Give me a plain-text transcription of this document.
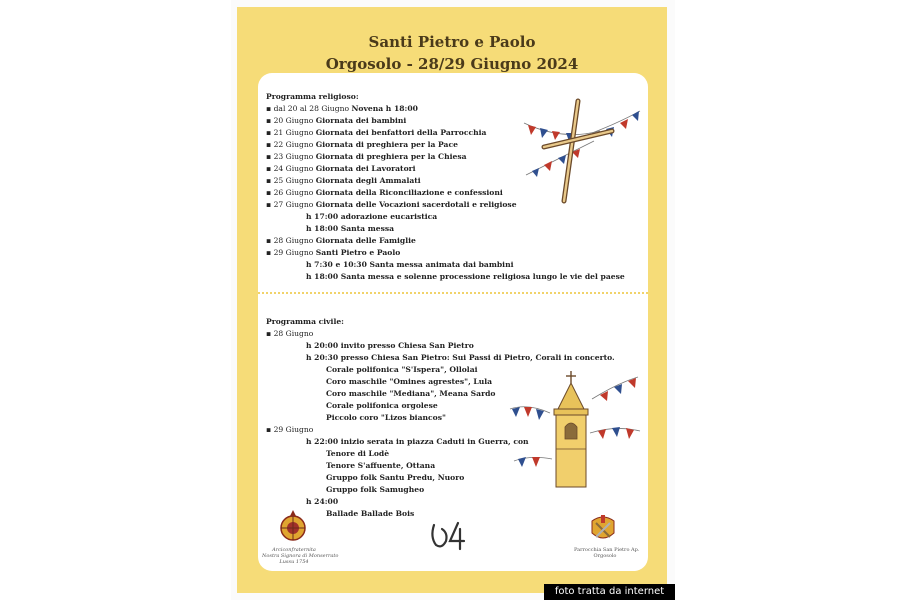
Santi Pietro e Paolo
Orgosolo - 28/29 Giugno 2024
Programma religioso:
▪ dal 20 al 28 Giugno Novena h 18:00
▪ 20 Giugno Giornata dei bambini
▪ 21 Giugno Giornata dei benfattori della Parrocchia
▪ 22 Giugno Giornata di preghiera per la Pace
▪ 23 Giugno Giornata di preghiera per la Chiesa
▪ 24 Giugno Giornata dei Lavoratori
▪ 25 Giugno Giornata degli Ammalati
▪ 26 Giugno Giornata della Riconciliazione e confessioni
▪ 27 Giugno Giornata delle Vocazioni sacerdotali e religiose
h 17:00 adorazione eucaristica
h 18:00 Santa messa
▪ 28 Giugno Giornata delle Famiglie
▪ 29 Giugno Santi Pietro e Paolo
h 7:30 e 10:30 Santa messa animata dai bambini
h 18:00 Santa messa e solenne processione religiosa lungo le vie del paese
Programma civile:
▪ 28 Giugno
h 20:00 invito presso Chiesa San Pietro
h 20:30 presso Chiesa San Pietro: Sui Passi di Pietro, Corali in concerto.
Corale polifonica "S'Ispera", Ollolai
Coro maschile "Omines agrestes", Lula
Coro maschile "Mediana", Meana Sardo
Corale polifonica orgolese
Piccolo coro "Lizos biancos"
▪ 29 Giugno
h 22:00 inizio serata in piazza Caduti in Guerra, con
Tenore di Lodè
Tenore S'affuente, Ottana
Gruppo folk Santu Predu, Nuoro
Gruppo folk Samugheo
h 24:00
Ballade Ballade Bois
Arciconfraternita
Nostra Signora di Monserrato
Lussu 1754
Parrocchia San Pietro Ap.
Orgosolo
foto tratta da internet
